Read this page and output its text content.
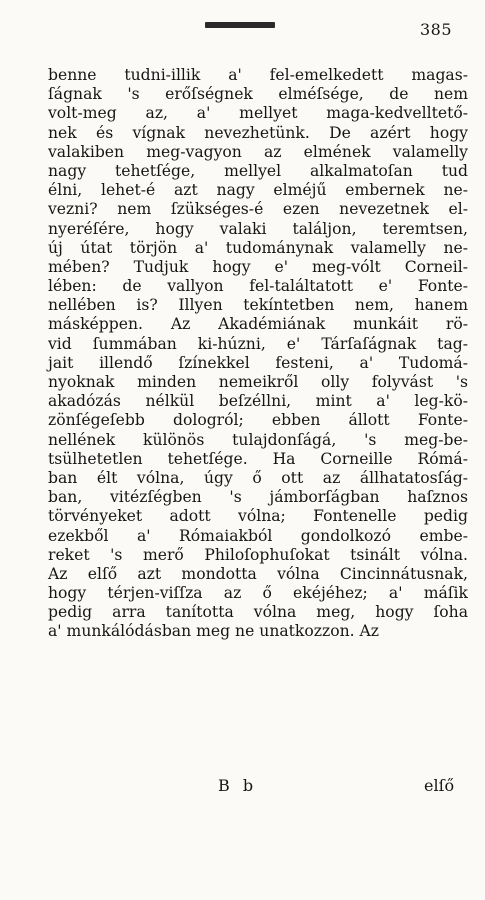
385
benne tudni-illik a' fel-emelkedett magas-
ſágnak 's erőſségnek elméſsége, de nem
volt-meg az, a' mellyet maga-kedvelltető-
nek és vígnak nevezhetünk. De azért hogy
valakiben meg-vagyon az elmének valamelly
nagy tehetſége, mellyel alkalmatoſan tud
élni, lehet-é azt nagy elméjű embernek ne-
vezni? nem ſzükséges-é ezen nevezetnek el-
nyeréſére, hogy valaki találjon, teremtsen,
új útat törjön a' tudománynak valamelly ne-
mében? Tudjuk hogy e' meg-vólt Corneil-
lében: de vallyon fel-találtatott e' Fonte-
nellében is? Illyen tekíntetben nem, hanem
másképpen. Az Akadémiának munkáit rö-
vid ſummában ki-húzni, e' Tárſaſágnak tag-
jait illendő ſzínekkel festeni, a' Tudomá-
nyoknak minden nemeikről olly folyvást 's
akadózás nélkül beſzéllni, mint a' leg-kö-
zönſégeſebb dologról; ebben állott Fonte-
nellének különös tulajdonſágá, 's meg-be-
tsülhetetlen tehetſége. Ha Corneille Rómá-
ban élt vólna, úgy ő ott az állhatatosſág-
ban, vitézſégben 's jámborſágban haſznos
törvényeket adott vólna; Fontenelle pedig
ezekből a' Rómaiakból gondolkozó embe-
reket 's merő Philoſophuſokat tsinált vólna.
Az elſő azt mondotta vólna Cincinnátusnak,
hogy térjen-viſſza az ő ekéjéhez; a' máſik
pedig arra tanította vólna meg, hogy ſoha
a' munkálódásban meg ne unatkozzon. Az
B b	elſő
